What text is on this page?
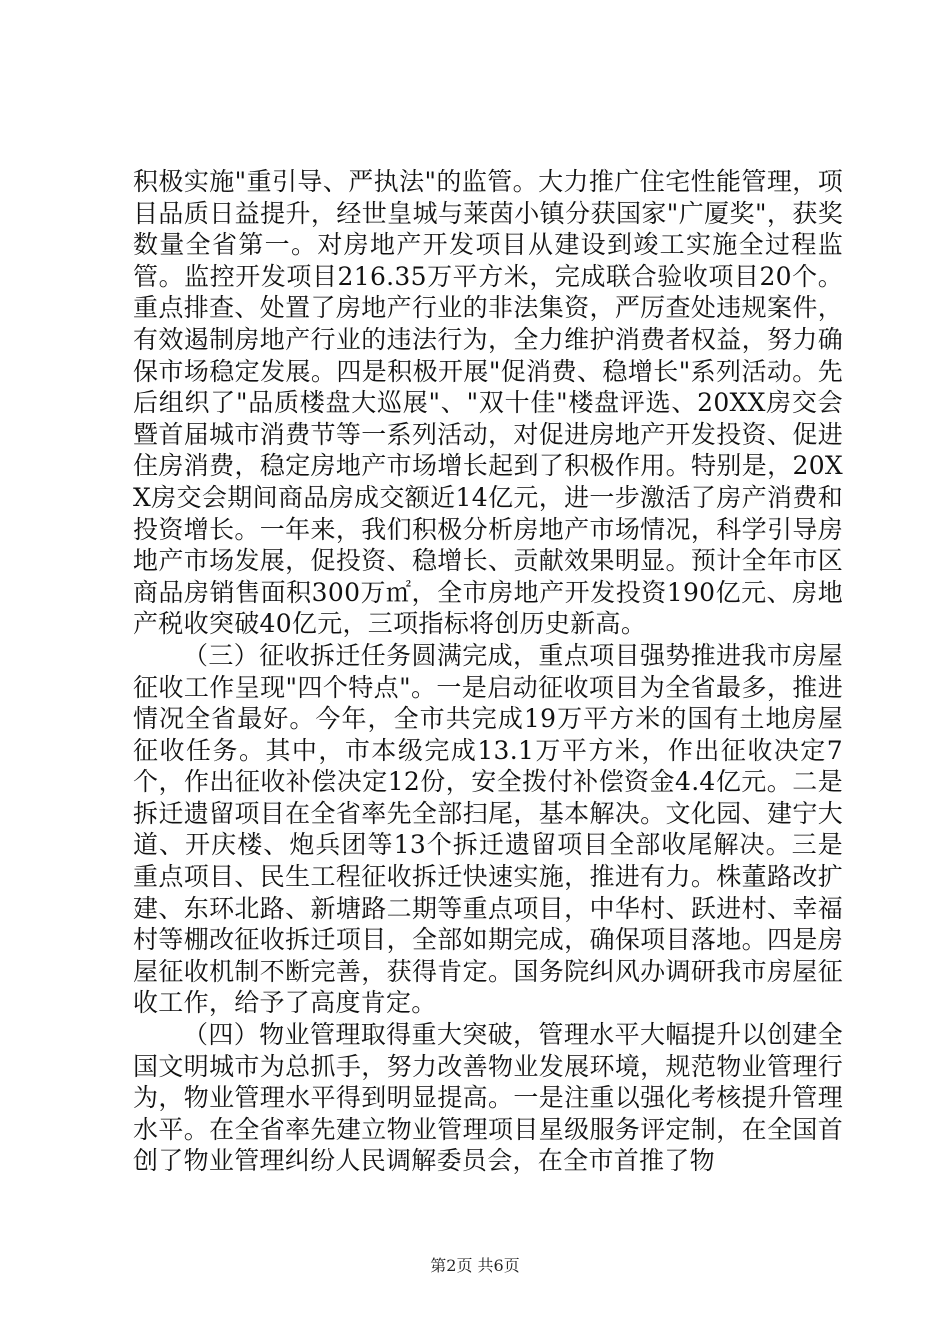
积极实施"重引导、严执法"的监管。大力推广住宅性能管理，项目品质日益提升，经世皇城与莱茵小镇分获国家"广厦奖"，获奖数量全省第一。对房地产开发项目从建设到竣工实施全过程监管。监控开发项目216.35万平方米，完成联合验收项目20个。重点排查、处置了房地产行业的非法集资，严厉查处违规案件，有效遏制房地产行业的违法行为，全力维护消费者权益，努力确保市场稳定发展。四是积极开展"促消费、稳增长"系列活动。先后组织了"品质楼盘大巡展"、"双十佳"楼盘评选、20XX房交会暨首届城市消费节等一系列活动，对促进房地产开发投资、促进住房消费，稳定房地产市场增长起到了积极作用。特别是，20XX房交会期间商品房成交额近14亿元，进一步激活了房产消费和投资增长。一年来，我们积极分析房地产市场情况，科学引导房地产市场发展，促投资、稳增长、贡献效果明显。预计全年市区商品房销售面积300万㎡，全市房地产开发投资190亿元、房地产税收突破40亿元，三项指标将创历史新高。

（三）征收拆迁任务圆满完成，重点项目强势推进我市房屋征收工作呈现"四个特点"。一是启动征收项目为全省最多，推进情况全省最好。今年，全市共完成19万平方米的国有土地房屋征收任务。其中，市本级完成13.1万平方米，作出征收决定7个，作出征收补偿决定12份，安全拨付补偿资金4.4亿元。二是拆迁遗留项目在全省率先全部扫尾，基本解决。文化园、建宁大道、开庆楼、炮兵团等13个拆迁遗留项目全部收尾解决。三是重点项目、民生工程征收拆迁快速实施，推进有力。株董路改扩建、东环北路、新塘路二期等重点项目，中华村、跃进村、幸福村等棚改征收拆迁项目，全部如期完成，确保项目落地。四是房屋征收机制不断完善，获得肯定。国务院纠风办调研我市房屋征收工作，给予了高度肯定。

（四）物业管理取得重大突破，管理水平大幅提升以创建全国文明城市为总抓手，努力改善物业发展环境，规范物业管理行为，物业管理水平得到明显提高。一是注重以强化考核提升管理水平。在全省率先建立物业管理项目星级服务评定制，在全国首创了物业管理纠纷人民调解委员会，在全市首推了物

第2页 共6页
